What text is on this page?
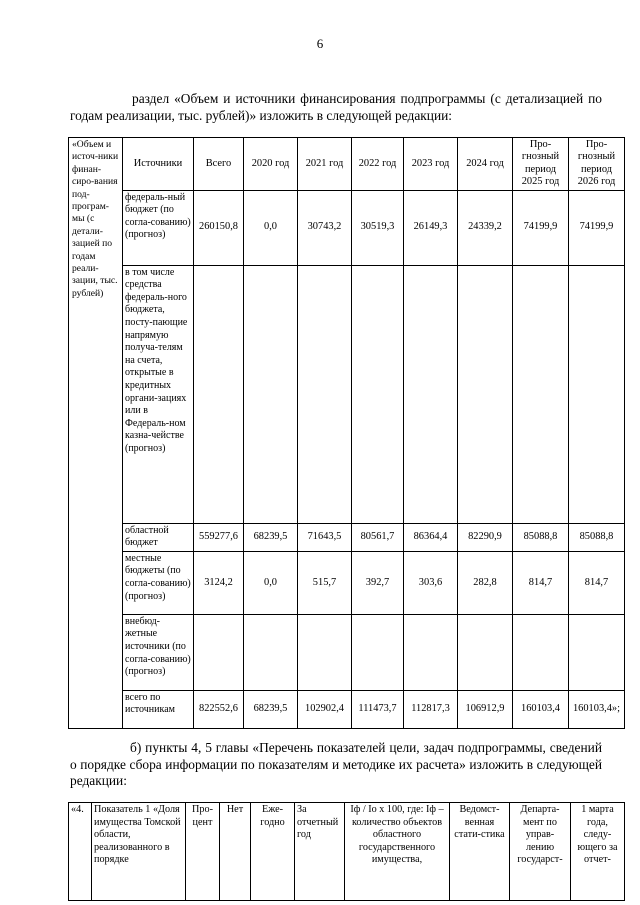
6
раздел «Объем и источники финансирования подпрограммы (с детализацией по годам реализации, тыс. рублей)» изложить в следующей редакции:
«Объем и источ-ники финан-сиро-вания под-програм-мы (с детали-зацией по годам реали-зации, тыс. рублей)	Источники	Всего	2020 год	2021 год	2022 год	2023 год	2024 год	Про-гнозный период 2025 год	Про-гнозный период 2026 год
	федераль-ный бюджет (по согла-сованию) (прогноз)	260150,8	0,0	30743,2	30519,3	26149,3	24339,2	74199,9	74199,9
	в том числе средства федераль-ного бюджета, посту-пающие напрямую получа-телям на счета, открытые в кредитных органи-зациях или в Федераль-ном казна-чействе (прогноз)								
	областной бюджет	559277,6	68239,5	71643,5	80561,7	86364,4	82290,9	85088,8	85088,8
	местные бюджеты (по согла-сованию) (прогноз)	3124,2	0,0	515,7	392,7	303,6	282,8	814,7	814,7
	внебюд-жетные источники (по согла-сованию) (прогноз)								
	всего по источникам	822552,6	68239,5	102902,4	111473,7	112817,3	106912,9	160103,4	160103,4»;
б) пункты 4, 5 главы «Перечень показателей цели, задач подпрограммы, сведений о порядке сбора информации по показателям и методике их расчета» изложить в следующей редакции:
«4.	Показатель 1 «Доля имущества Томской области, реализованного в порядке	Про-цент	Нет	Еже-годно	За отчетный год	Iф / Iо х 100, где: Iф – количество объектов областного государственного имущества,	Ведомст-венная стати-стика	Департа-мент по управ-лению государст-	1 марта года, следу-ющего за отчет-
